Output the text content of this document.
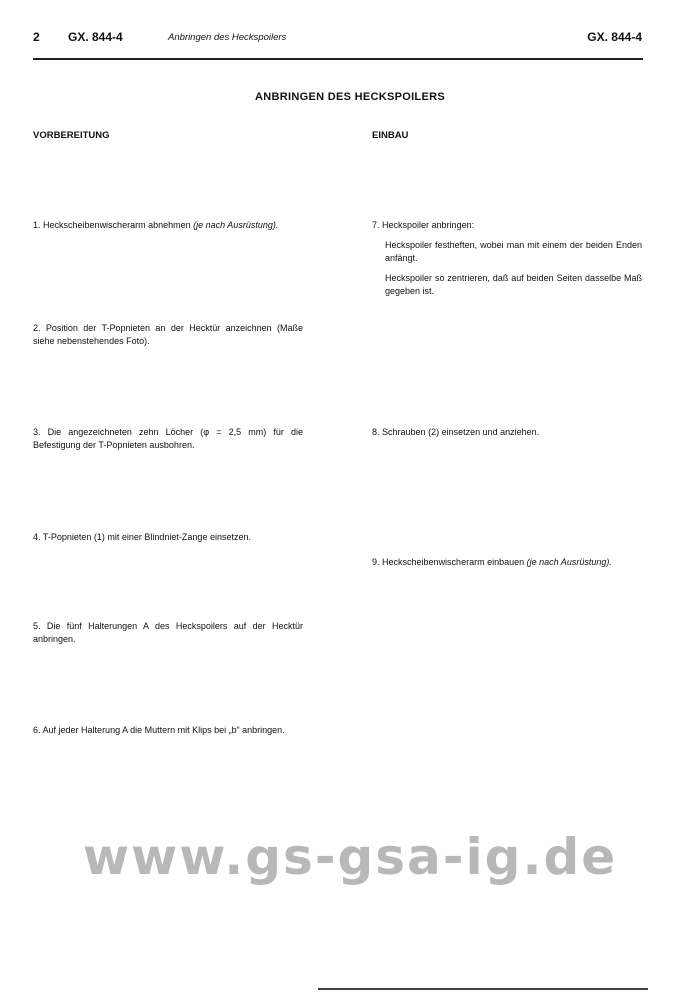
2 GX. 844-4	Anbringen des Heckspoilers	GX. 844-4
ANBRINGEN DES HECKSPOILERS
VORBEREITUNG	EINBAU
1. Heckscheibenwischerarm abnehmen (je nach Ausrüstung).
2. Position der T-Popnieten an der Hecktür anzeichnen (Maße siehe nebenstehendes Foto).
3. Die angezeichneten zehn Löcher (φ = 2,5 mm) für die Befestigung der T-Popnieten ausbohren.
4. T-Popnieten (1) mit einer Blindniet-Zange einsetzen.
5. Die fünf Halterungen A des Heckspoilers auf der Hecktür anbringen.
6. Auf jeder Halterung A die Muttern mit Klips bei „b“ anbringen.
7. Heckspoiler anbringen:
Heckspoiler festheften, wobei man mit einem der beiden Enden anfängt.
Heckspoiler so zentrieren, daß auf beiden Seiten dasselbe Maß gegeben ist.
8. Schrauben (2) einsetzen und anziehen.
9. Heckscheibenwischerarm einbauen (je nach Ausrüstung).
www.gs-gsa-ig.de
